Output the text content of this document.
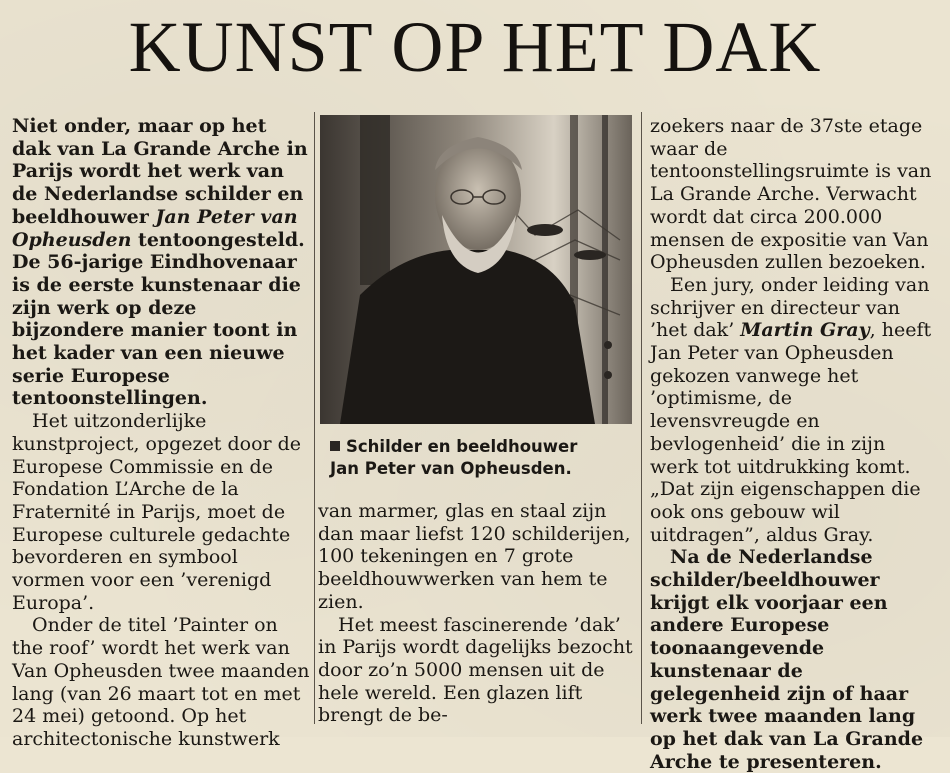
KUNST OP HET DAK

Niet onder, maar op het dak van La Grande Arche in Parijs wordt het werk van de Nederlandse schilder en beeldhouwer Jan Peter van Opheusden tentoongesteld. De 56-jarige Eindhovenaar is de eerste kunstenaar die zijn werk op deze bijzondere manier toont in het kader van een nieuwe serie Europese tentoonstellingen.

Het uitzonderlijke kunstproject, opgezet door de Europese Commissie en de Fondation L’Arche de la Fraternité in Parijs, moet de Europese culturele gedachte bevorderen en symbool vormen voor een ’verenigd Europa’.

Onder de titel ’Painter on the roof’ wordt het werk van Van Opheusden twee maanden lang (van 26 maart tot en met 24 mei) getoond. Op het architectonische kunstwerk

Schilder en beeldhouwer
Jan Peter van Opheusden.

van marmer, glas en staal zijn dan maar liefst 120 schilderijen, 100 tekeningen en 7 grote beeldhouwwerken van hem te zien.

Het meest fascinerende ’dak’ in Parijs wordt dagelijks bezocht door zo’n 5000 mensen uit de hele wereld. Een glazen lift brengt de be-

zoekers naar de 37ste etage waar de tentoonstellingsruimte is van La Grande Arche. Verwacht wordt dat circa 200.000 mensen de expositie van Van Opheusden zullen bezoeken.

Een jury, onder leiding van schrijver en directeur van ’het dak’ Martin Gray, heeft Jan Peter van Opheusden gekozen vanwege het ’optimisme, de levensvreugde en bevlogenheid’ die in zijn werk tot uitdrukking komt. „Dat zijn eigenschappen die ook ons gebouw wil uitdragen”, aldus Gray.

Na de Nederlandse schilder/beeldhouwer krijgt elk voorjaar een andere Europese toonaangevende kunstenaar de gelegenheid zijn of haar werk twee maanden lang op het dak van La Grande Arche te presenteren.
